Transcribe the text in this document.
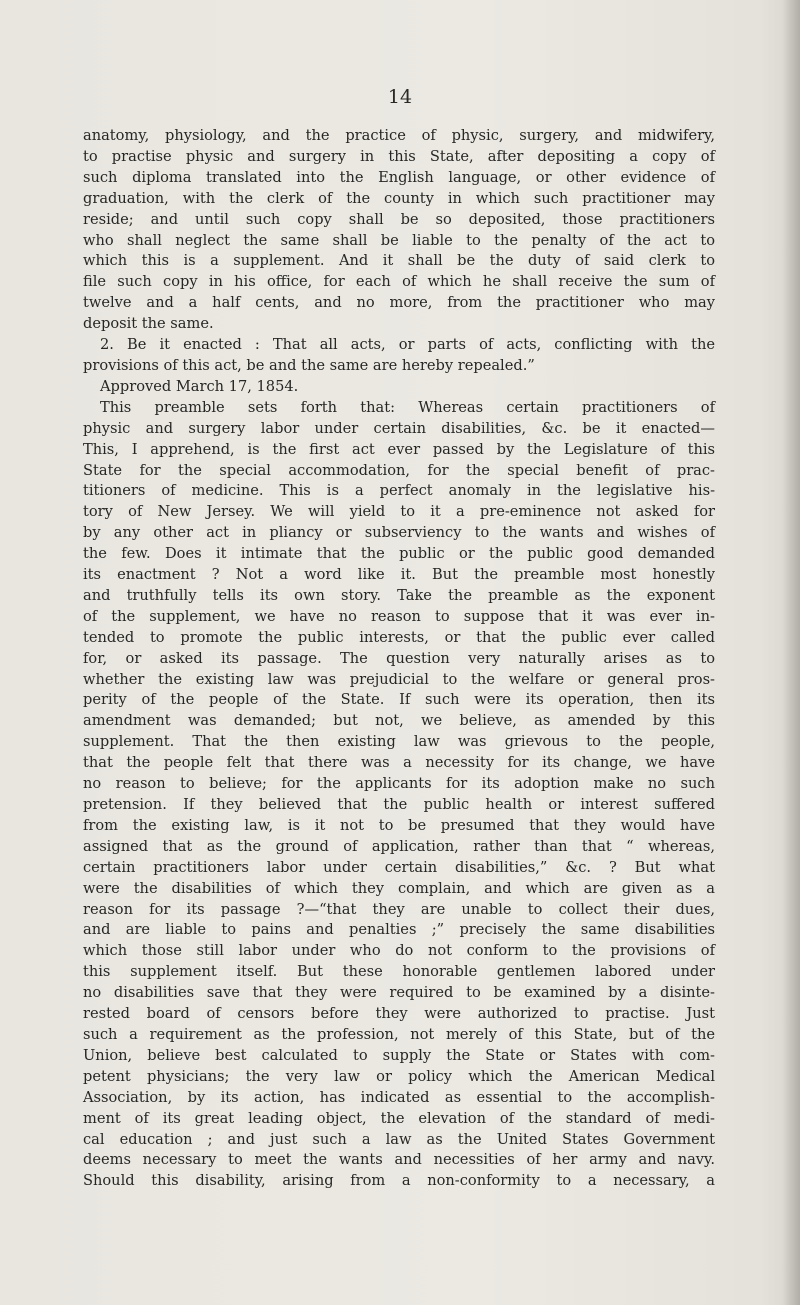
14
anatomy, physiology, and the practice of physic, surgery, and midwifery,
to practise physic and surgery in this State, after depositing a copy of
such diploma translated into the English language, or other evidence of
graduation, with the clerk of the county in which such practitioner may
reside; and until such copy shall be so deposited, those practitioners
who shall neglect the same shall be liable to the penalty of the act to
which this is a supplement. And it shall be the duty of said clerk to
file such copy in his office, for each of which he shall receive the sum of
twelve and a half cents, and no more, from the practitioner who may
deposit the same.
2. Be it enacted : That all acts, or parts of acts, conflicting with the
provisions of this act, be and the same are hereby repealed.”
Approved March 17, 1854.
This preamble sets forth that: Whereas certain practitioners of
physic and surgery labor under certain disabilities, &c. be it enacted—
This, I apprehend, is the first act ever passed by the Legislature of this
State for the special accommodation, for the special benefit of prac-
titioners of medicine. This is a perfect anomaly in the legislative his-
tory of New Jersey. We will yield to it a pre-eminence not asked for
by any other act in pliancy or subserviency to the wants and wishes of
the few. Does it intimate that the public or the public good demanded
its enactment ? Not a word like it. But the preamble most honestly
and truthfully tells its own story. Take the preamble as the exponent
of the supplement, we have no reason to suppose that it was ever in-
tended to promote the public interests, or that the public ever called
for, or asked its passage. The question very naturally arises as to
whether the existing law was prejudicial to the welfare or general pros-
perity of the people of the State. If such were its operation, then its
amendment was demanded; but not, we believe, as amended by this
supplement. That the then existing law was grievous to the people,
that the people felt that there was a necessity for its change, we have
no reason to believe; for the applicants for its adoption make no such
pretension. If they believed that the public health or interest suffered
from the existing law, is it not to be presumed that they would have
assigned that as the ground of application, rather than that “ whereas,
certain practitioners labor under certain disabilities,” &c. ? But what
were the disabilities of which they complain, and which are given as a
reason for its passage ?—“that they are unable to collect their dues,
and are liable to pains and penalties ;” precisely the same disabilities
which those still labor under who do not conform to the provisions of
this supplement itself. But these honorable gentlemen labored under
no disabilities save that they were required to be examined by a disinte-
rested board of censors before they were authorized to practise. Just
such a requirement as the profession, not merely of this State, but of the
Union, believe best calculated to supply the State or States with com-
petent physicians; the very law or policy which the American Medical
Association, by its action, has indicated as essential to the accomplish-
ment of its great leading object, the elevation of the standard of medi-
cal education ; and just such a law as the United States Government
deems necessary to meet the wants and necessities of her army and navy.
Should this disability, arising from a non-conformity to a necessary, a
